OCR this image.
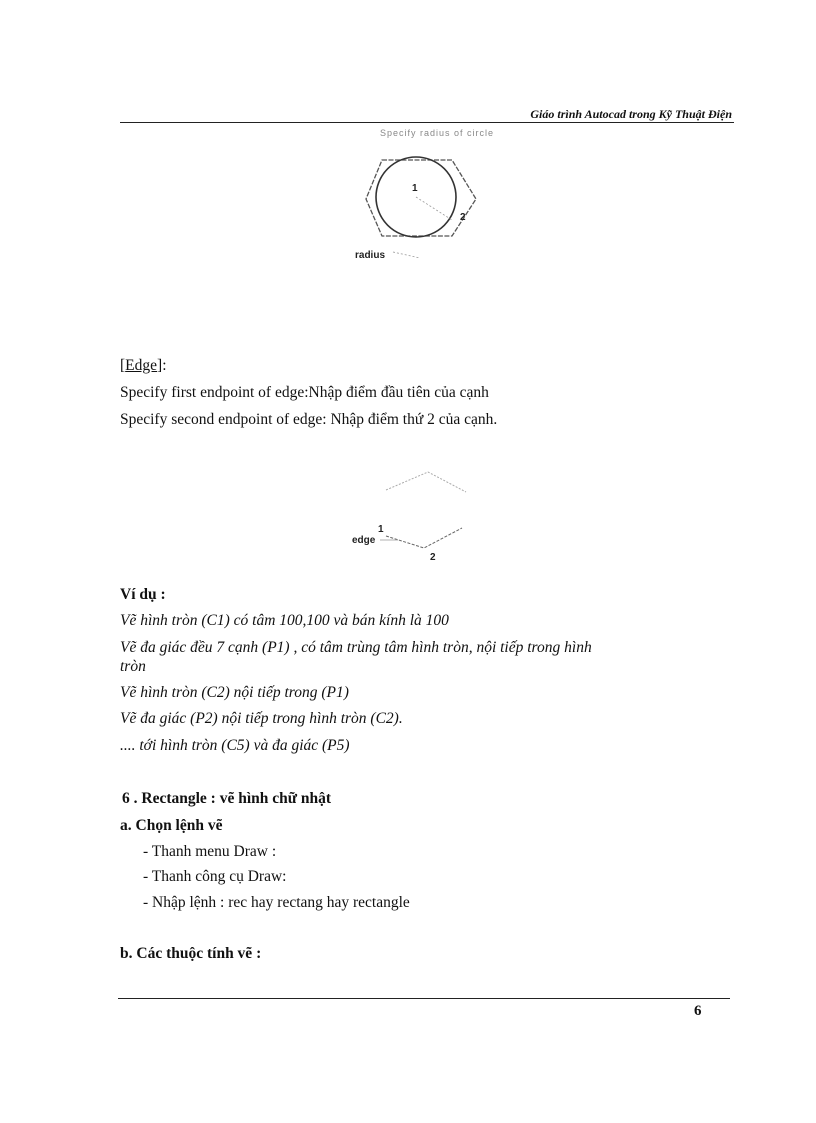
Giáo trình Autocad trong Kỹ Thuật Điện
Specify radius of circle
1
2
radius
[Edge]:
Specify first endpoint of edge:Nhập điểm đầu tiên của cạnh
Specify second endpoint of edge: Nhập điểm thứ 2 của cạnh.
1
edge
2
Ví dụ :
Vẽ hình tròn (C1) có tâm 100,100 và bán kính là 100
Vẽ đa giác đều 7 cạnh (P1) , có tâm trùng tâm hình tròn, nội tiếp trong hình
tròn
Vẽ hình tròn (C2) nội tiếp trong (P1)
Vẽ đa giác (P2) nội tiếp trong hình tròn (C2).
.... tới hình tròn (C5) và đa giác (P5)
6 . Rectangle : vẽ hình chữ nhật
a. Chọn lệnh vẽ
- Thanh menu Draw :
- Thanh công cụ Draw:
- Nhập lệnh : rec hay rectang hay rectangle
b. Các thuộc tính vẽ :
6
